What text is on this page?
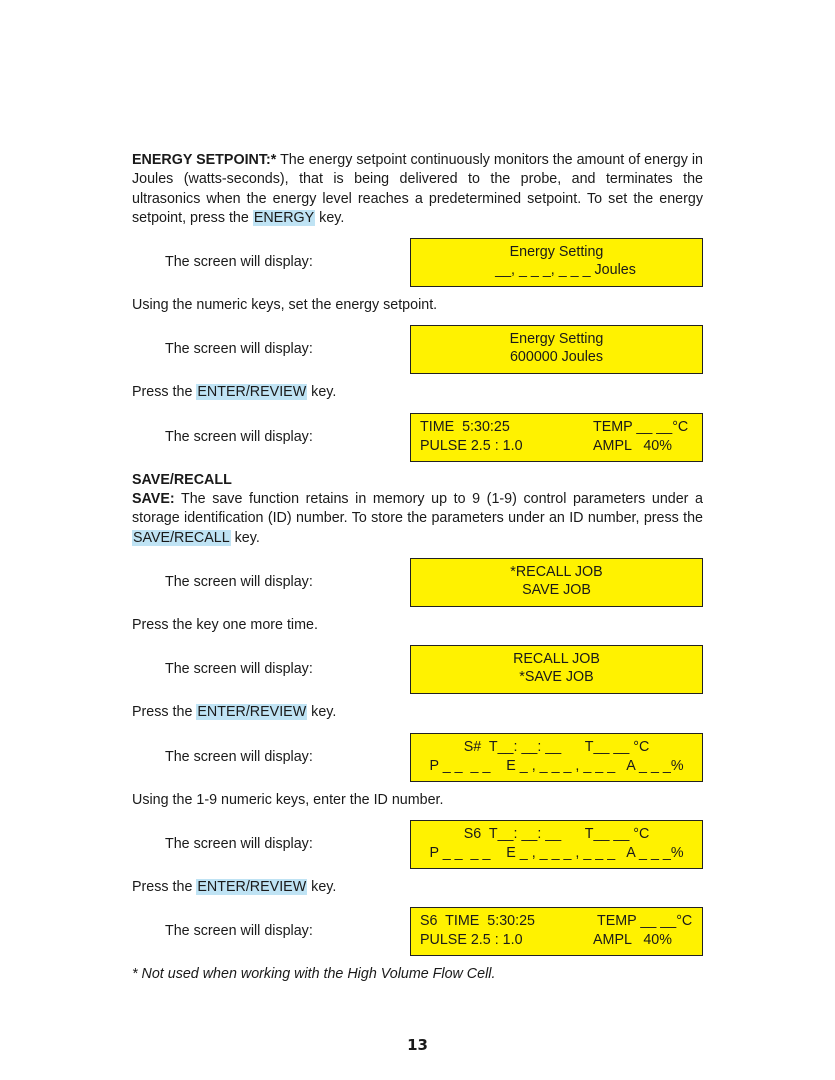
ENERGY SETPOINT:* The energy setpoint continuously monitors the amount of energy in Joules (watts-seconds), that is being delivered to the probe, and terminates the ultrasonics when the energy level reaches a predetermined setpoint. To set the energy setpoint, press the ENERGY key.

The screen will display:
Energy Setting
__, _ _ _, _ _ _ Joules

Using the numeric keys, set the energy setpoint.

The screen will display:
Energy Setting
600000 Joules

Press the ENTER/REVIEW key.

The screen will display:
TIME  5:30:25	TEMP __ __°C
PULSE 2.5 : 1.0	AMPL   40%

SAVE/RECALL

SAVE: The save function retains in memory up to 9 (1-9) control parameters under a storage identification (ID) number. To store the parameters under an ID number, press the SAVE/RECALL key.

The screen will display:
*RECALL JOB
SAVE JOB

Press the key one more time.

The screen will display:
RECALL JOB
*SAVE JOB

Press the ENTER/REVIEW key.

The screen will display:
S#  T__: __: __      T__ __ °C
P _ _  _ _    E _ , _ _ _ , _ _ _   A _ _ _%

Using the 1-9 numeric keys, enter the ID number.

The screen will display:
S6  T__: __: __      T__ __ °C
P _ _  _ _    E _ , _ _ _ , _ _ _   A _ _ _%

Press the ENTER/REVIEW key.

The screen will display:
S6  TIME  5:30:25	TEMP __ __°C
PULSE 2.5 : 1.0	AMPL   40%

* Not used when working with the High Volume Flow Cell.

13
